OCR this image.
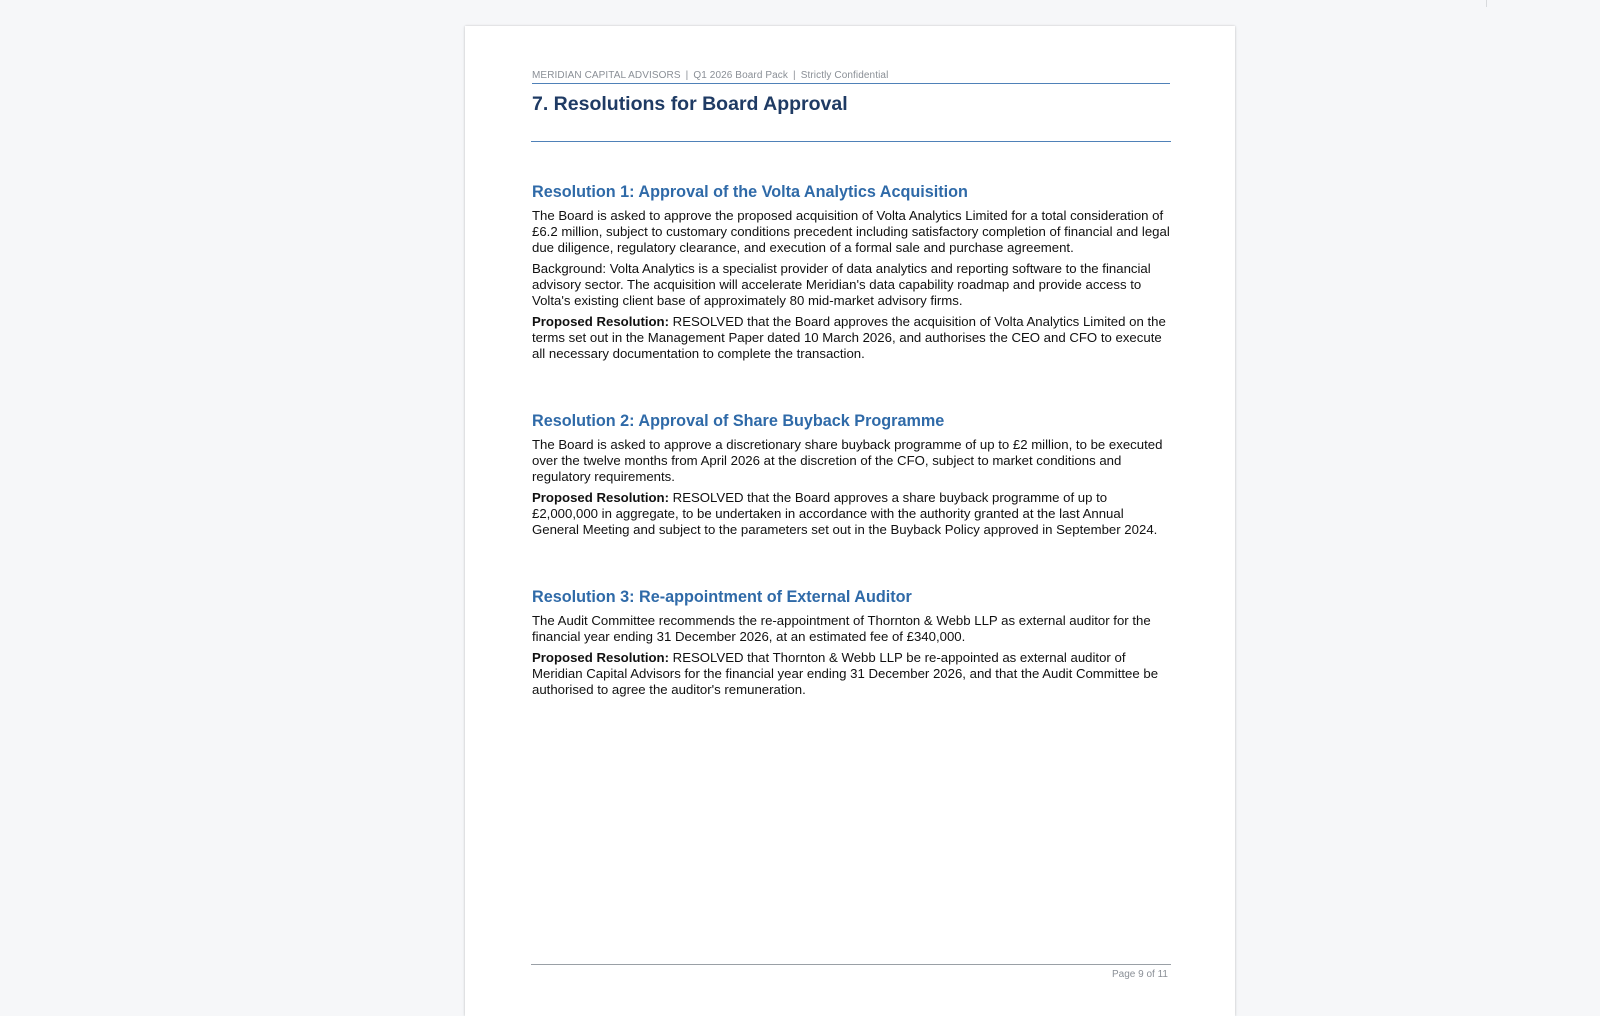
MERIDIAN CAPITAL ADVISORS | Q1 2026 Board Pack | Strictly Confidential
7. Resolutions for Board Approval
Resolution 1: Approval of the Volta Analytics Acquisition

The Board is asked to approve the proposed acquisition of Volta Analytics Limited for a total consideration of £6.2 million, subject to customary conditions precedent including satisfactory completion of financial and legal due diligence, regulatory clearance, and execution of a formal sale and purchase agreement.

Background: Volta Analytics is a specialist provider of data analytics and reporting software to the financial advisory sector. The acquisition will accelerate Meridian's data capability roadmap and provide access to Volta's existing client base of approximately 80 mid-market advisory firms.

Proposed Resolution: RESOLVED that the Board approves the acquisition of Volta Analytics Limited on the terms set out in the Management Paper dated 10 March 2026, and authorises the CEO and CFO to execute all necessary documentation to complete the transaction.

Resolution 2: Approval of Share Buyback Programme

The Board is asked to approve a discretionary share buyback programme of up to £2 million, to be executed over the twelve months from April 2026 at the discretion of the CFO, subject to market conditions and regulatory requirements.

Proposed Resolution: RESOLVED that the Board approves a share buyback programme of up to £2,000,000 in aggregate, to be undertaken in accordance with the authority granted at the last Annual General Meeting and subject to the parameters set out in the Buyback Policy approved in September 2024.

Resolution 3: Re-appointment of External Auditor

The Audit Committee recommends the re-appointment of Thornton & Webb LLP as external auditor for the financial year ending 31 December 2026, at an estimated fee of £340,000.

Proposed Resolution: RESOLVED that Thornton & Webb LLP be re-appointed as external auditor of Meridian Capital Advisors for the financial year ending 31 December 2026, and that the Audit Committee be authorised to agree the auditor's remuneration.

Page 9 of 11
